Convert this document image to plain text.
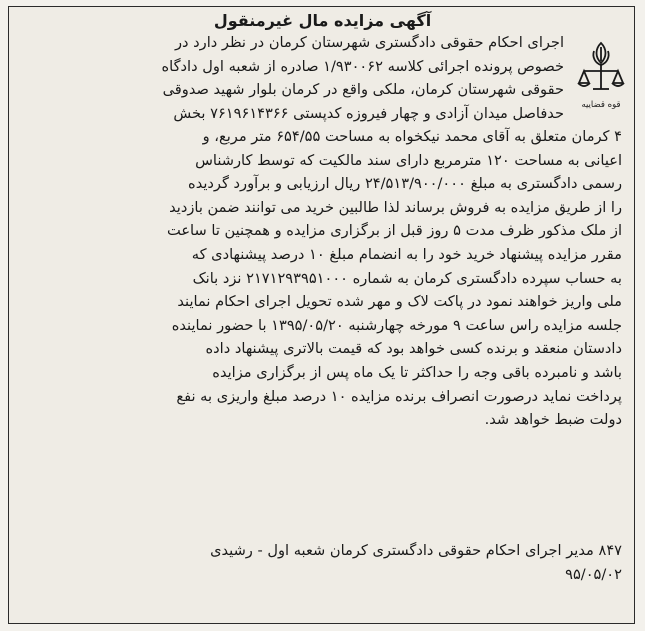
آگهی مزایده مال غیرمنقول
قوه قضاییه
اجرای احکام حقوقی دادگستری شهرستان کرمان در نظر دارد در
خصوص پرونده اجرائی کلاسه ۱/۹۳۰۰۶۲ صادره از شعبه اول دادگاه
حقوقی شهرستان کرمان، ملکی واقع در کرمان بلوار شهید صدوقی
حدفاصل میدان آزادی و چهار فیروزه کدپستی ۷۶۱۹۶۱۴۳۶۶ بخش
۴ کرمان متعلق به آقای محمد نیکخواه به مساحت ۶۵۴/۵۵ متر مربع، و
اعیانی به مساحت ۱۲۰ مترمربع دارای سند مالکیت که توسط کارشناس
رسمی دادگستری به مبلغ ۲۴/۵۱۳/۹۰۰/۰۰۰ ریال ارزیابی و برآورد گردیده
را از طریق مزایده به فروش برساند لذا طالبین خرید می توانند ضمن بازدید
از ملک مذکور ظرف مدت ۵ روز قبل از برگزاری مزایده و همچنین تا ساعت
مقرر مزایده پیشنهاد خرید خود را به انضمام مبلغ ۱۰ درصد پیشنهادی که
به حساب سپرده دادگستری کرمان به شماره ۲۱۷۱۲۹۳۹۵۱۰۰۰ نزد بانک
ملی واریز خواهند نمود در پاکت لاک و مهر شده تحویل اجرای احکام نمایند
جلسه مزایده راس ساعت ۹ مورخه چهارشنبه ۱۳۹۵/۰۵/۲۰ با حضور نماینده
دادستان منعقد و برنده کسی خواهد بود که قیمت بالاتری پیشنهاد داده
باشد و نامبرده باقی وجه را حداکثر تا یک ماه پس از برگزاری مزایده
پرداخت نماید درصورت انصراف برنده مزایده ۱۰ درصد مبلغ واریزی به نفع
دولت ضبط خواهد شد.
۸۴۷ مدیر اجرای احکام حقوقی دادگستری کرمان شعبه اول - رشیدی
۹۵/۰۵/۰۲
